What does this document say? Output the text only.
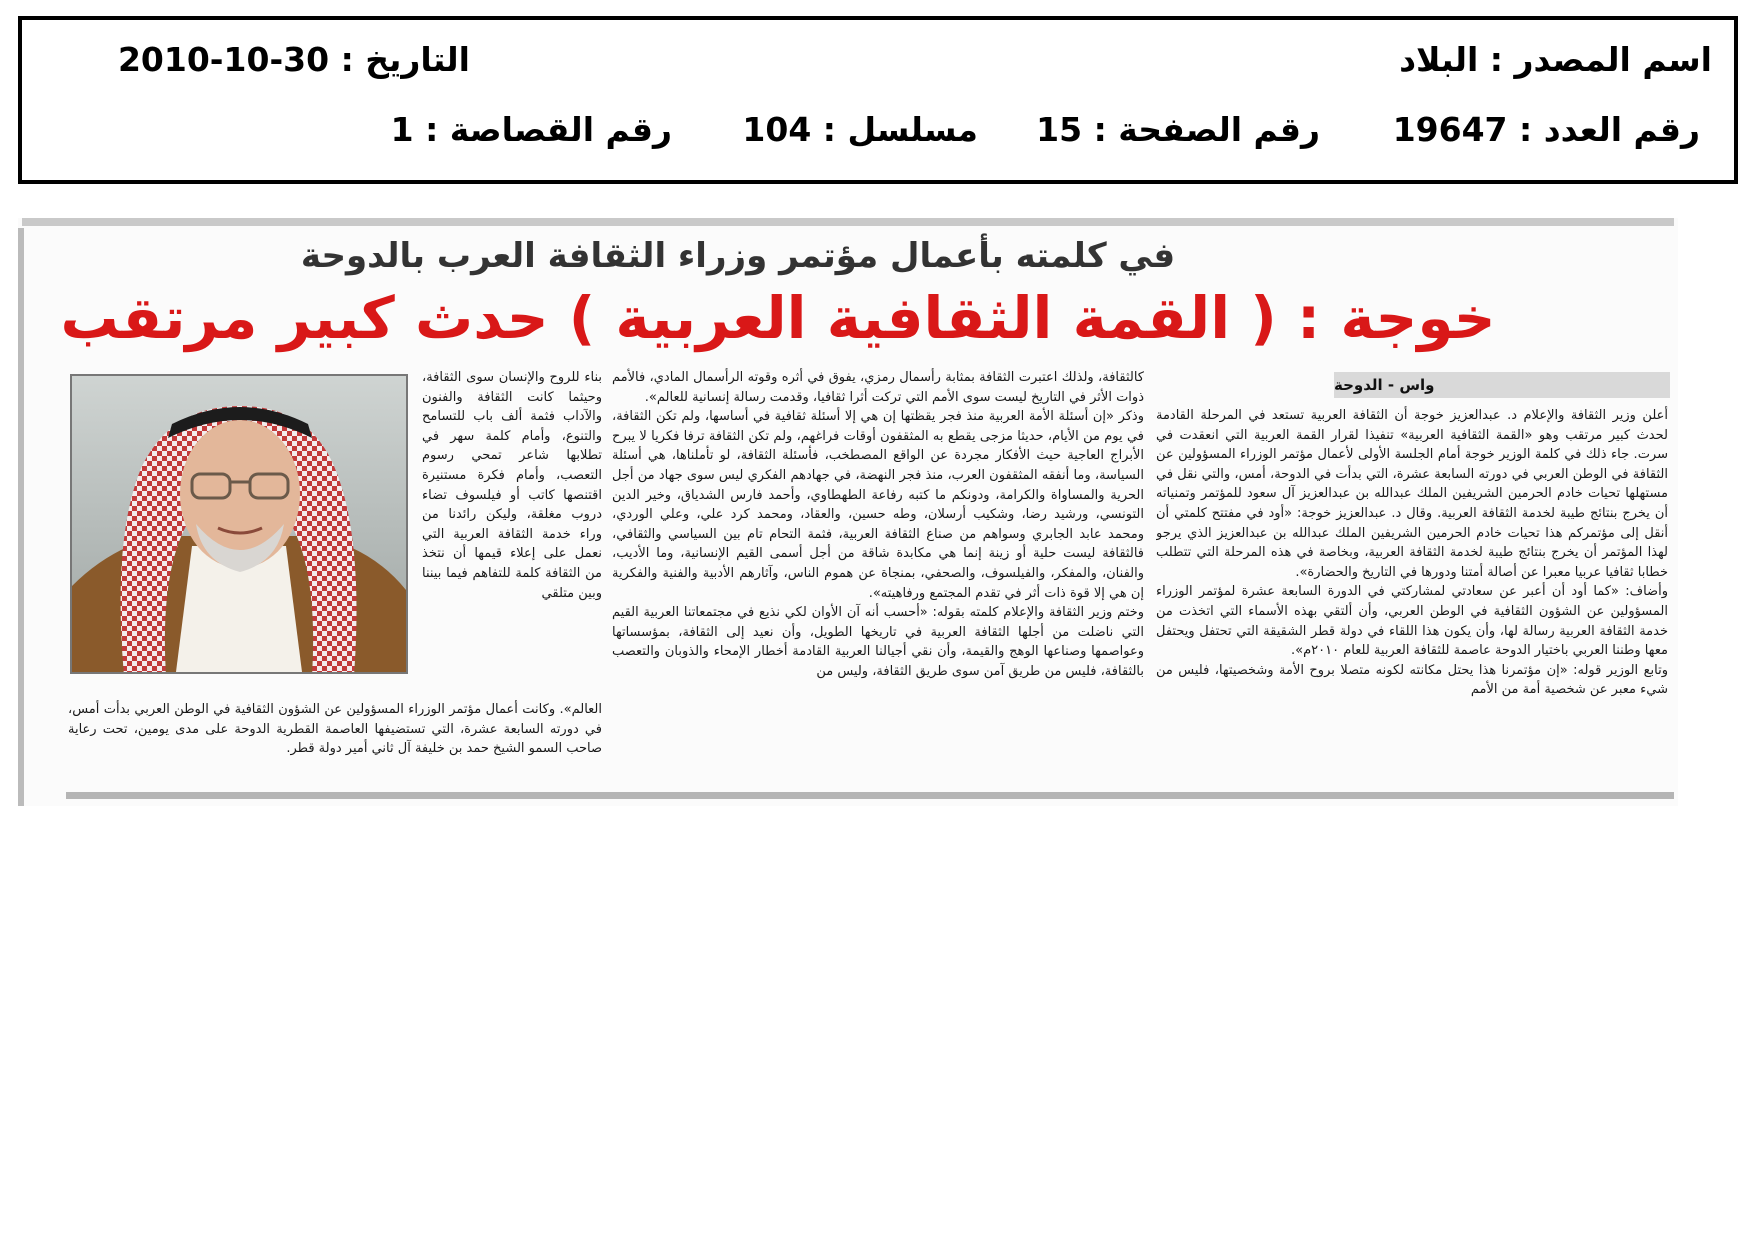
اسم المصدر : البلاد
التاريخ : 30-10-2010
رقم العدد : 19647
رقم الصفحة : 15
مسلسل : 104
رقم القصاصة : 1
في كلمته بأعمال مؤتمر وزراء الثقافة العرب بالدوحة
خوجة : ( القمة الثقافية العربية ) حدث كبير مرتقب
واس - الدوحة

أعلن وزير الثقافة والإعلام د. عبدالعزيز خوجة أن الثقافة العربية تستعد في المرحلة القادمة لحدث كبير مرتقب وهو «القمة الثقافية العربية» تنفيذا لقرار القمة العربية التي انعقدت في سرت. جاء ذلك في كلمة الوزير خوجة أمام الجلسة الأولى لأعمال مؤتمر الوزراء المسؤولين عن الثقافة في الوطن العربي في دورته السابعة عشرة، التي بدأت في الدوحة، أمس، والتي نقل في مستهلها تحيات خادم الحرمين الشريفين الملك عبدالله بن عبدالعزيز آل سعود للمؤتمر وتمنياته أن يخرج بنتائج طيبة لخدمة الثقافة العربية. وقال د. عبدالعزيز خوجة: «أود في مفتتح كلمتي أن أنقل إلى مؤتمركم هذا تحيات خادم الحرمين الشريفين الملك عبدالله بن عبدالعزيز الذي يرجو لهذا المؤتمر أن يخرج بنتائج طيبة لخدمة الثقافة العربية، وبخاصة في هذه المرحلة التي تتطلب خطابا ثقافيا عربيا معبرا عن أصالة أمتنا ودورها في التاريخ والحضارة».

وأضاف: «كما أود أن أعبر عن سعادتي لمشاركتي في الدورة السابعة عشرة لمؤتمر الوزراء المسؤولين عن الشؤون الثقافية في الوطن العربي، وأن ألتقي بهذه الأسماء التي اتخذت من خدمة الثقافة العربية رسالة لها، وأن يكون هذا اللقاء في دولة قطر الشقيقة التي تحتفل ويحتفل معها وطننا العربي باختيار الدوحة عاصمة للثقافة العربية للعام ٢٠١٠م».

وتابع الوزير قوله: «إن مؤتمرنا هذا يحتل مكانته لكونه متصلا بروح الأمة وشخصيتها، فليس من شيء معبر عن شخصية أمة من الأمم

كالثقافة، ولذلك اعتبرت الثقافة بمثابة رأسمال رمزي، يفوق في أثره وقوته الرأسمال المادي، فالأمم ذوات الأثر في التاريخ ليست سوى الأمم التي تركت أثرا ثقافيا، وقدمت رسالة إنسانية للعالم».

وذكر «إن أسئلة الأمة العربية منذ فجر يقظتها إن هي إلا أسئلة ثقافية في أساسها، ولم تكن الثقافة، في يوم من الأيام، حديثا مزجى يقطع به المثقفون أوقات فراغهم، ولم تكن الثقافة ترفا فكريا لا يبرح الأبراج العاجية حيث الأفكار مجردة عن الواقع المصطخب، فأسئلة الثقافة، لو تأملناها، هي أسئلة السياسة، وما أنفقه المثقفون العرب، منذ فجر النهضة، في جهادهم الفكري ليس سوى جهاد من أجل الحرية والمساواة والكرامة، ودونكم ما كتبه رفاعة الطهطاوي، وأحمد فارس الشدياق، وخير الدين التونسي، ورشيد رضا، وشكيب أرسلان، وطه حسين، والعقاد، ومحمد كرد علي، وعلي الوردي، ومحمد عابد الجابري وسواهم من صناع الثقافة العربية، فثمة التحام تام بين السياسي والثقافي، فالثقافة ليست حلية أو زينة إنما هي مكابدة شاقة من أجل أسمى القيم الإنسانية، وما الأديب، والفنان، والمفكر، والفيلسوف، والصحفي، بمنجاة عن هموم الناس، وآثارهم الأدبية والفنية والفكرية إن هي إلا قوة ذات أثر في تقدم المجتمع ورفاهيته».

وختم وزير الثقافة والإعلام كلمته بقوله: «أحسب أنه آن الأوان لكي نذيع في مجتمعاتنا العربية القيم التي ناضلت من أجلها الثقافة العربية في تاريخها الطويل، وأن نعيد إلى الثقافة، بمؤسساتها وعواصمها وصناعها الوهج والقيمة، وأن نقي أجيالنا العربية القادمة أخطار الإمحاء والذوبان والتعصب بالثقافة، فليس من طريق آمن سوى طريق الثقافة، وليس من

بناء للروح والإنسان سوى الثقافة، وحيثما كانت الثقافة والفنون والآداب فثمة ألف باب للتسامح والتنوع، وأمام كلمة سهر في تطلابها شاعر تمحي رسوم التعصب، وأمام فكرة مستنيرة اقتنصها كاتب أو فيلسوف تضاء دروب مغلقة، وليكن رائدنا من وراء خدمة الثقافة العربية التي نعمل على إعلاء قيمها أن نتخذ من الثقافة كلمة للتفاهم فيما بيننا وبين متلقي

العالم». وكانت أعمال مؤتمر الوزراء المسؤولين عن الشؤون الثقافية في الوطن العربي بدأت أمس، في دورته السابعة عشرة، التي تستضيفها العاصمة القطرية الدوحة على مدى يومين، تحت رعاية صاحب السمو الشيخ حمد بن خليفة آل ثاني أمير دولة قطر.
